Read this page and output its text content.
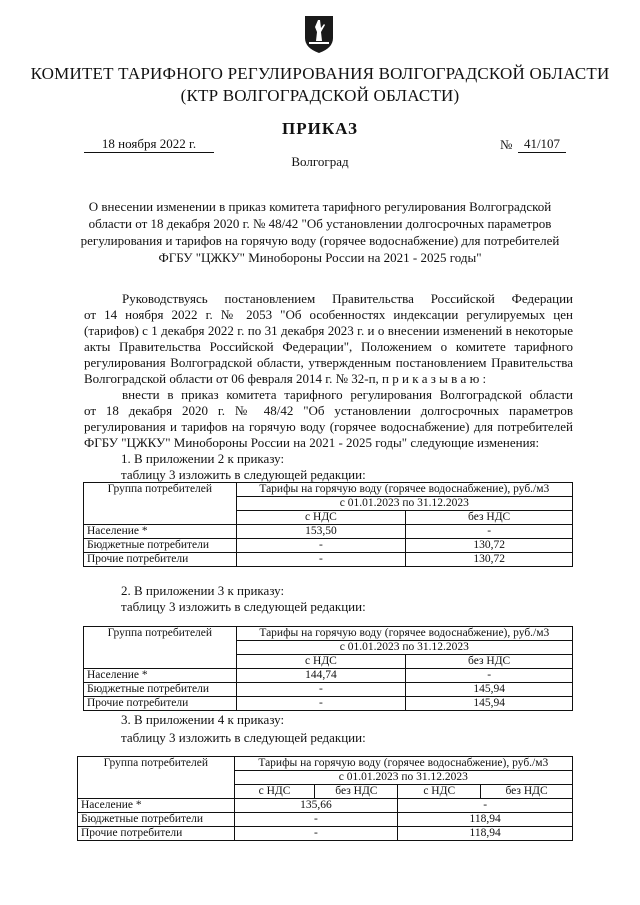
КОМИТЕТ ТАРИФНОГО РЕГУЛИРОВАНИЯ ВОЛГОГРАДСКОЙ ОБЛАСТИ
(КТР ВОЛГОГРАДСКОЙ ОБЛАСТИ)
ПРИКАЗ
18 ноября 2022 г.	№ 41/107
Волгоград
О внесении изменении в приказ комитета тарифного регулирования Волгоградской
области от 18 декабря 2020 г. № 48/42 "Об установлении долгосрочных параметров
регулирования и тарифов на горячую воду (горячее водоснабжение) для потребителей
ФГБУ "ЦЖКУ" Минобороны России на 2021 - 2025 годы"
Руководствуясь постановлением Правительства Российской Федерации
от 14 ноября 2022 г. № 2053 "Об особенностях индексации регулируемых цен
(тарифов) с 1 декабря 2022 г. по 31 декабря 2023 г. и о внесении изменений в некоторые
акты Правительства Российской Федерации", Положением о комитете тарифного
регулирования Волгоградской области, утвержденным постановлением Правительства
Волгоградской области от 06 февраля 2014 г. № 32-п, п р и к а з ы в а ю :
внести в приказ комитета тарифного регулирования Волгоградской области
от 18 декабря 2020 г. № 48/42 "Об установлении долгосрочных параметров
регулирования и тарифов на горячую воду (горячее водоснабжение) для потребителей
ФГБУ "ЦЖКУ" Минобороны России на 2021 - 2025 годы" следующие изменения:
1. В приложении 2 к приказу:
таблицу 3 изложить в следующей редакции:
Группа потребителей	Тарифы на горячую воду (горячее водоснабжение), руб./м3	
	с 01.01.2023 по 31.12.2023	
	с НДС	без НДС
Население *	153,50	-
Бюджетные потребители	-	130,72
Прочие потребители	-	130,72
2. В приложении 3 к приказу:
таблицу 3 изложить в следующей редакции:
Группа потребителей	Тарифы на горячую воду (горячее водоснабжение), руб./м3	
	с 01.01.2023 по 31.12.2023	
	с НДС	без НДС
Население *	144,74	-
Бюджетные потребители	-	145,94
Прочие потребители	-	145,94
3. В приложении 4 к приказу:
таблицу 3 изложить в следующей редакции:
Группа потребителей	Тарифы на горячую воду (горячее водоснабжение), руб./м3			
	с 01.01.2023 по 31.12.2023			
	с НДС	без НДС	с НДС	без НДС
Население *	135,66		-	
Бюджетные потребители	-		118,94	
Прочие потребители	-		118,94	
